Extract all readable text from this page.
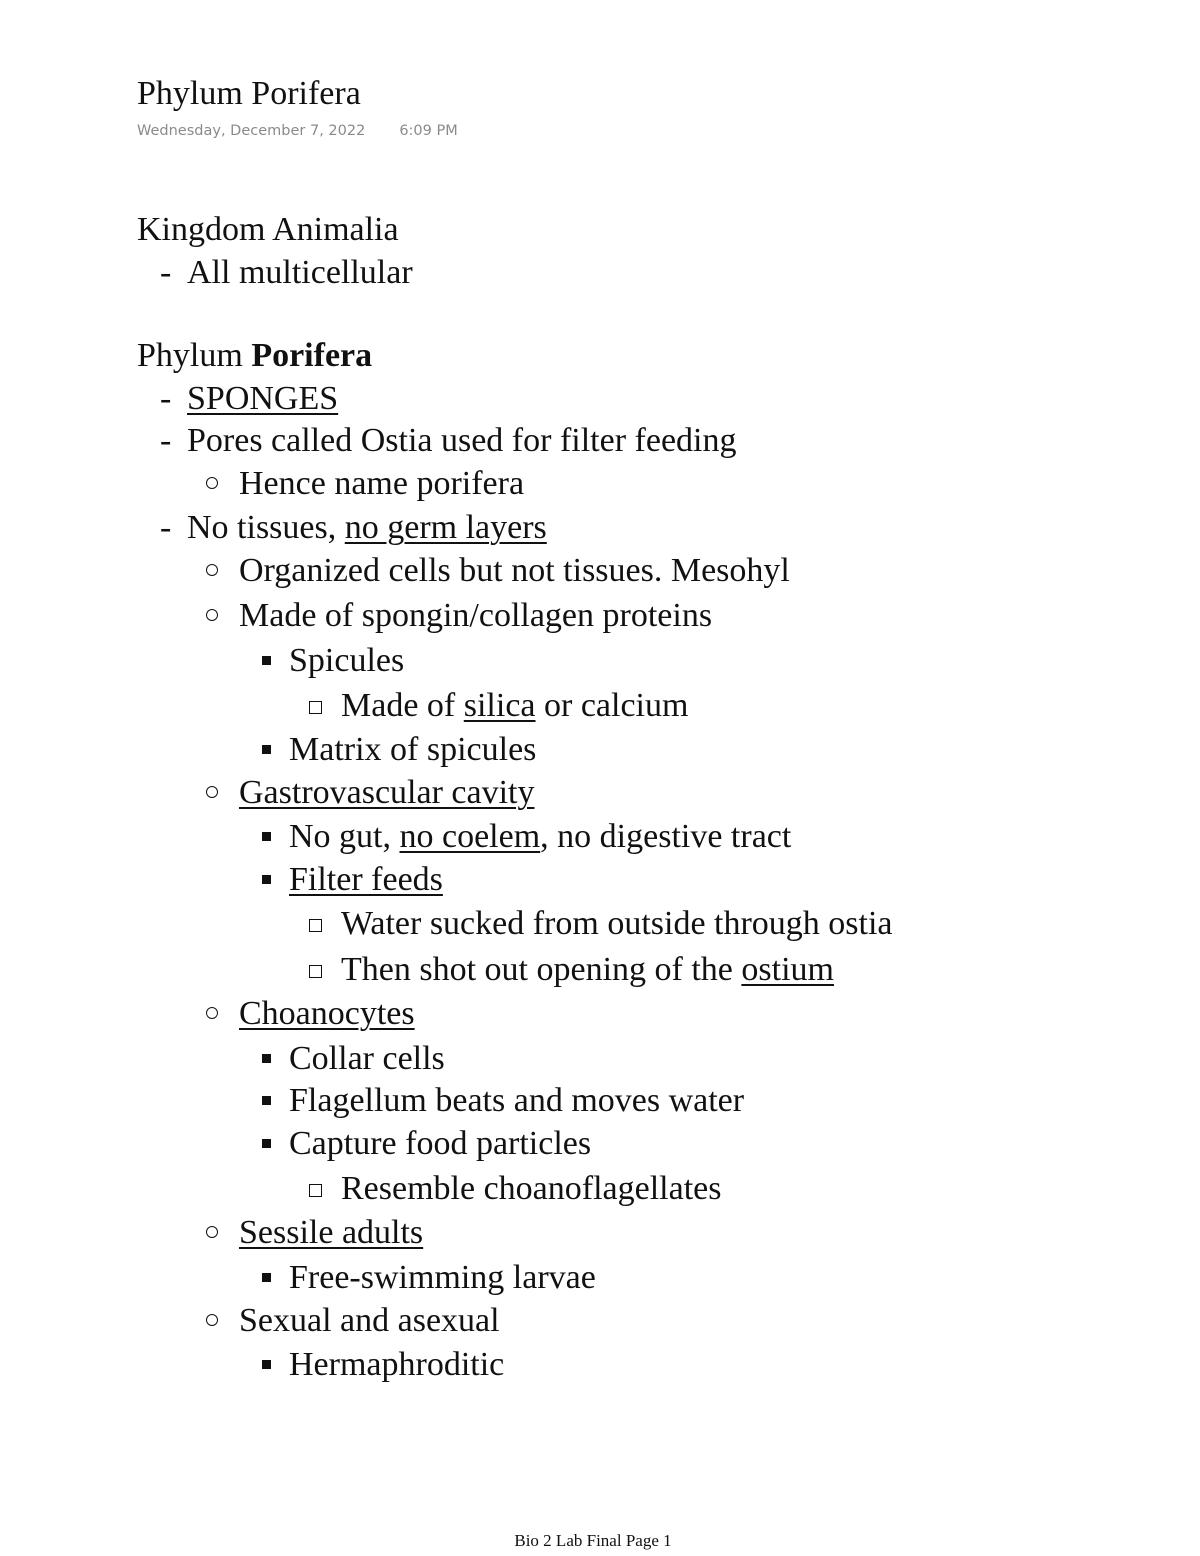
Phylum Porifera
Wednesday, December 7, 2022 6:09 PM
Kingdom Animalia
- All multicellular
Phylum Porifera
- SPONGES
- Pores called Ostia used for filter feeding
Hence name porifera
- No tissues, no germ layers
Organized cells but not tissues. Mesohyl
Made of spongin/collagen proteins
Spicules
Made of silica or calcium
Matrix of spicules
Gastrovascular cavity
No gut, no coelem, no digestive tract
Filter feeds
Water sucked from outside through ostia
Then shot out opening of the ostium
Choanocytes
Collar cells
Flagellum beats and moves water
Capture food particles
Resemble choanoflagellates
Sessile adults
Free-swimming larvae
Sexual and asexual
Hermaphroditic
Bio 2 Lab Final Page 1
